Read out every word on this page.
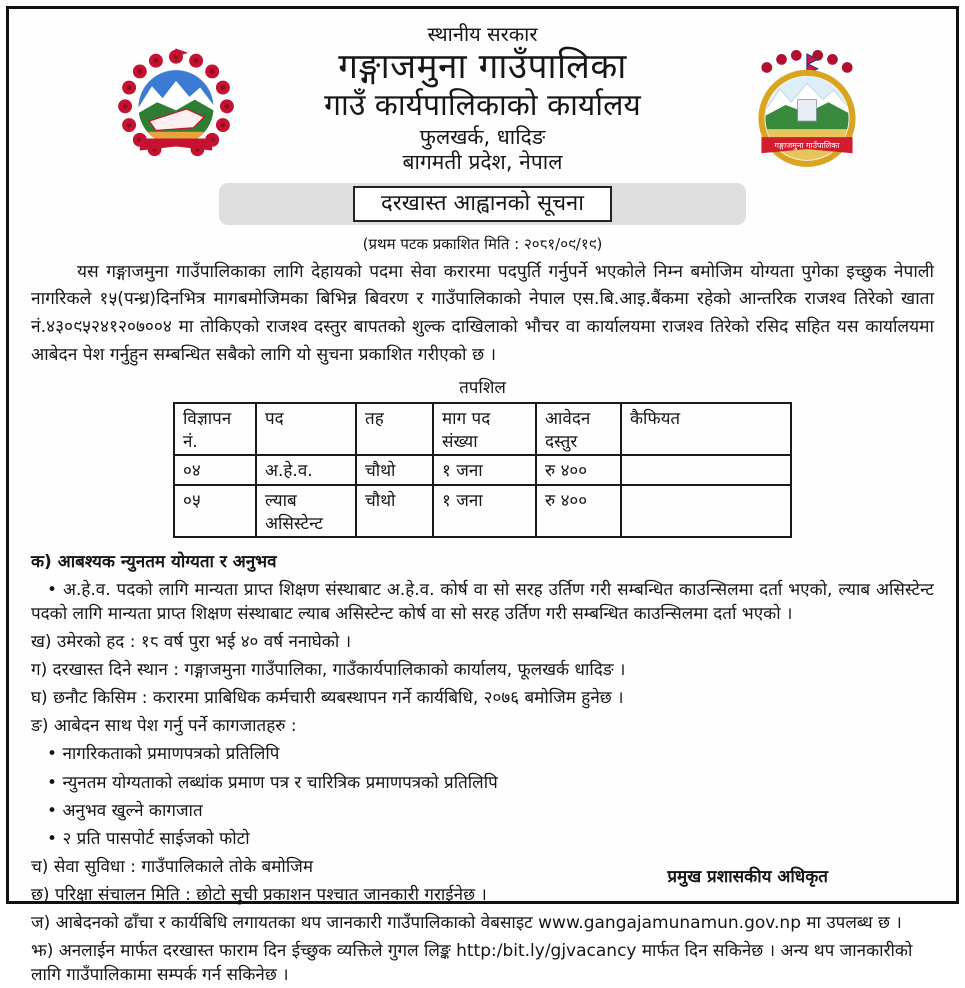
गङ्गाजमुना गाउँपालिका
स्थानीय सरकार
गङ्गाजमुना गाउँपालिका
गाउँ कार्यपालिकाको कार्यालय
फुलखर्क, धादिङ
बागमती प्रदेश, नेपाल
दरखास्त आह्वानको सूचना
(प्रथम पटक प्रकाशित मिति : २०८१/०९/१९)

यस गङ्गाजमुना गाउँपालिकाका लागि देहायको पदमा सेवा करारमा पदपुर्ति गर्नुपर्ने भएकोले निम्न बमोजिम योग्यता पुगेका इच्छुक नेपाली नागरिकले १५(पन्ध्र)दिनभित्र मागबमोजिमका बिभिन्न बिवरण र गाउँपालिकाको नेपाल एस.बि.आइ.बैंकमा रहेको आन्तरिक राजश्व तिरेको खाता नं.४३०९५२४१२०७००४ मा तोकिएको राजश्व दस्तुर बापतको शुल्क दाखिलाको भौचर वा कार्यालयमा राजश्व तिरेको रसिद सहित यस कार्यालयमा आबेदन पेश गर्नुहुन सम्बन्धित सबैको लागि यो सुचना प्रकाशित गरीएको छ ।

तपशिल
विज्ञापन नं.	पद	तह	माग पद संख्या	आवेदन दस्तुर	कैफियत
०४	अ.हे.व.	चौथो	१ जना	रु ४००	
०५	ल्याब असिस्टेन्ट	चौथो	१ जना	रु ४००	
क) आबश्यक न्युनतम योग्यता र अनुभव
• अ.हे.व. पदको लागि मान्यता प्राप्त शिक्षण संस्थाबाट अ.हे.व. कोर्ष वा सो सरह उर्तिण गरी सम्बन्धित काउन्सिलमा दर्ता भएको, ल्याब असिस्टेन्ट पदको लागि मान्यता प्राप्त शिक्षण संस्थाबाट ल्याब असिस्टेन्ट कोर्ष वा सो सरह उर्तिण गरी सम्बन्धित काउन्सिलमा दर्ता भएको ।
ख) उमेरको हद : १८ वर्ष पुरा भई ४० वर्ष ननाघेको ।
ग) दरखास्त दिने स्थान : गङ्गाजमुना गाउँपालिका, गाउँकार्यपालिकाको कार्यालय, फूलखर्क धादिङ ।
घ) छनौट किसिम : करारमा प्राबिधिक कर्मचारी ब्यबस्थापन गर्ने कार्यबिधि, २०७६ बमोजिम हुनेछ ।
ङ) आबेदन साथ पेश गर्नु पर्ने कागजातहरु :
• नागरिकताको प्रमाणपत्रको प्रतिलिपि
• न्युनतम योग्यताको लब्धांक प्रमाण पत्र र चारित्रिक प्रमाणपत्रको प्रतिलिपि
• अनुभव खुल्ने कागजात
• २ प्रति पासपोर्ट साईजको फोटो
च) सेवा सुविधा : गाउँपालिकाले तोके बमोजिम
छ) परिक्षा संचालन मिति : छोटो सुची प्रकाशन पश्चात जानकारी गराईनेछ ।
ज) आबेदनको ढाँचा र कार्यबिधि लगायतका थप जानकारी गाउँपालिकाको वेबसाइट www.gangajamunamun.gov.np मा उपलब्ध छ ।
झ) अनलाईन मार्फत दरखास्त फाराम दिन ईच्छुक व्यक्तिले गुगल लिङ्क http:/bit.ly/gjvacancy मार्फत दिन सकिनेछ । अन्य थप जानकारीको लागि गाउँपालिकामा सम्पर्क गर्न सकिनेछ ।
प्रमुख प्रशासकीय अधिकृत
